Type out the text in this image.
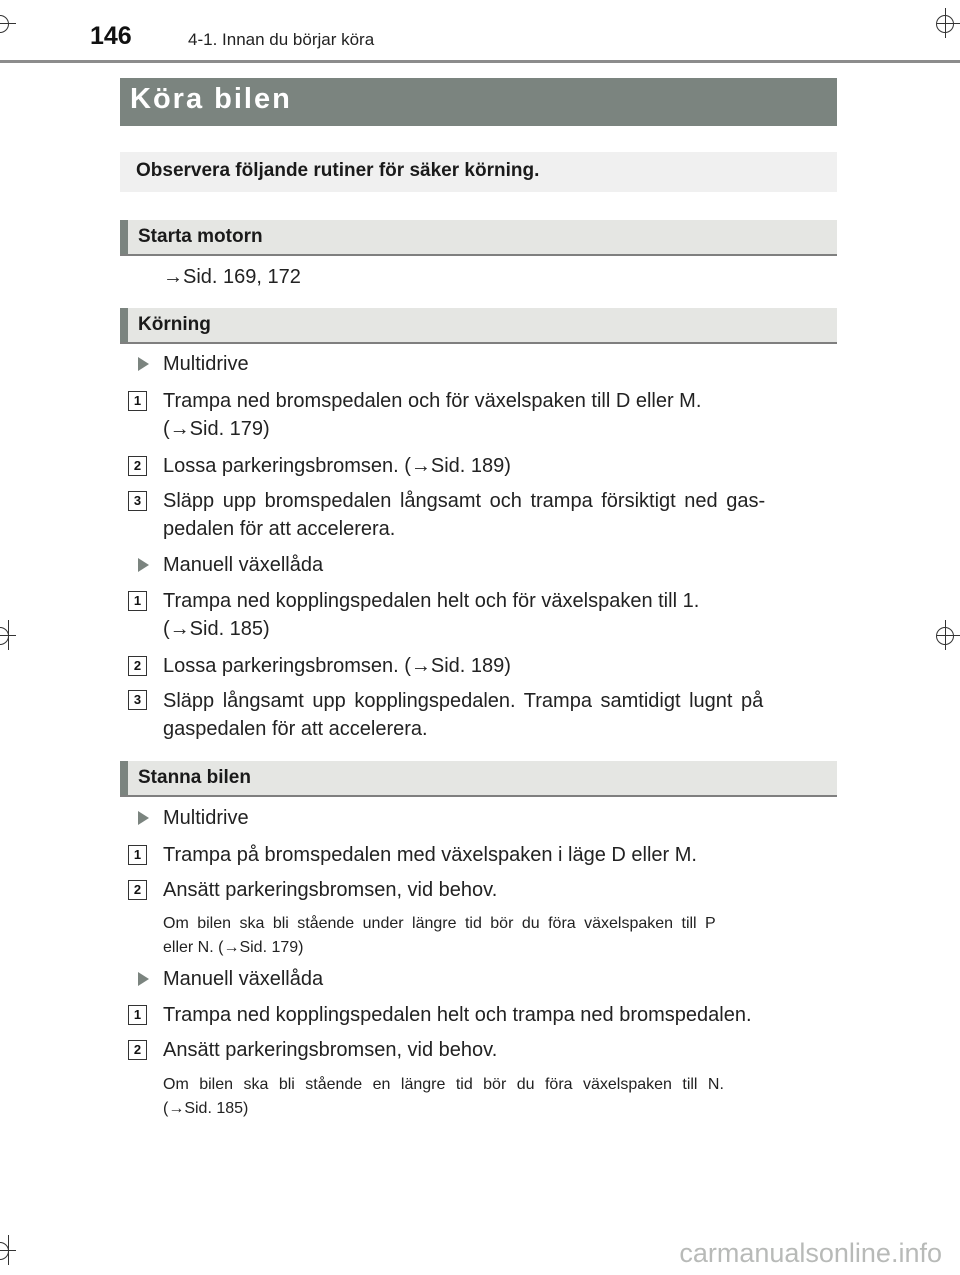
146	4-1. Innan du börjar köra
Köra bilen
Observera följande rutiner för säker körning.
Starta motorn
→Sid. 169, 172
Körning
Multidrive
1 Trampa ned bromspedalen och för växelspaken till D eller M.
(→Sid. 179)
2 Lossa parkeringsbromsen. (→Sid. 189)
3 Släpp upp bromspedalen långsamt och trampa försiktigt ned gas-
pedalen för att accelerera.
Manuell växellåda
1 Trampa ned kopplingspedalen helt och för växelspaken till 1.
(→Sid. 185)
2 Lossa parkeringsbromsen. (→Sid. 189)
3 Släpp långsamt upp kopplingspedalen. Trampa samtidigt lugnt på
gaspedalen för att accelerera.
Stanna bilen
Multidrive
1 Trampa på bromspedalen med växelspaken i läge D eller M.
2 Ansätt parkeringsbromsen, vid behov.
Om bilen ska bli stående under längre tid bör du föra växelspaken till P
eller N. (→Sid. 179)
Manuell växellåda
1 Trampa ned kopplingspedalen helt och trampa ned bromspedalen.
2 Ansätt parkeringsbromsen, vid behov.
Om bilen ska bli stående en längre tid bör du föra växelspaken till N.
(→Sid. 185)
carmanualsonline.info
